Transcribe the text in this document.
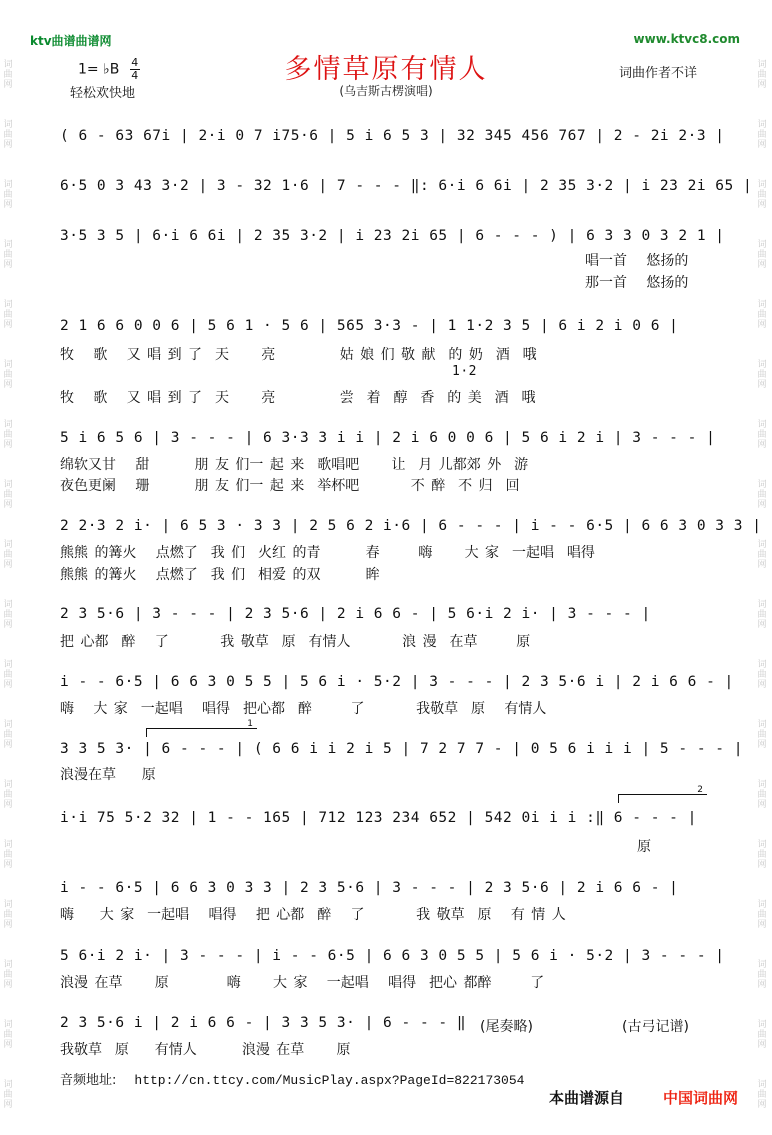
词曲网
词曲网
词曲网
词曲网
词曲网
词曲网
词曲网
词曲网
词曲网
词曲网
词曲网
词曲网
词曲网
词曲网
词曲网
词曲网
词曲网
词曲网
词曲网
词曲网
词曲网
词曲网
词曲网
词曲网
词曲网
词曲网
词曲网
词曲网
词曲网
词曲网
词曲网
词曲网
词曲网
词曲网
词曲网
词曲网
ktv曲谱曲谱网	www.ktvc8.com
多情草原有情人
(乌吉斯古楞演唱)
1= ♭B $\frac{4}{4}$
轻松欢快地
词曲作者不详
( 6 - 63 67i | 2·i 0 7 i75·6 | 5 i 6 5 3 | 32 345 456 767 | 2 - 2i 2·3 |
6·5 0 3 43 3·2 | 3 - 32 1·6 | 7 - - - ‖: 6·i 6 6i | 2 35 3·2 | i 23 2i 65 |
3·5 3 5 | 6·i 6 6i | 2 35 3·2 | i 23 2i 65 | 6 - - - ) | 6 3 3 0 3 2 1 |
唱一首   悠扬的
那一首   悠扬的
2 1 6 6 0 0 6 | 5 6 1 · 5 6 | 565 3·3 - | 1 1·2 3 5 | 6 i 2 i 0 6 |
牧   歌   又 唱 到 了  天     亮          姑 娘 们 敬 献  的 奶  酒  哦
1·2
牧   歌   又 唱 到 了  天     亮          尝  着  醇  香  的 美  酒  哦
5 i 6 5 6 | 3 - - - | 6 3·3 3 i i | 2 i 6 0 0 6 | 5 6 i 2 i | 3 - - - |
绵软又甘   甜       朋 友 们一 起 来  歌唱吧     让  月 儿都郊 外  游
夜色更阑   珊       朋 友 们一 起 来  举杯吧        不 醉  不 归  回
2 2·3 2 i· | 6 5 3 · 3 3 | 2 5 6 2 i·6 | 6 - - - | i - - 6·5 | 6 6 3 0 3 3 |
熊熊 的篝火   点燃了  我 们  火红 的青       春      嗨     大 家  一起唱  唱得
熊熊 的篝火   点燃了  我 们  相爱 的双       眸
2 3 5·6 | 3 - - - | 2 3 5·6 | 2 i 6 6 - | 5 6·i 2 i· | 3 - - - |
把 心都  醉   了        我 敬草  原  有情人        浪 漫  在草      原
i - - 6·5 | 6 6 3 0 5 5 | 5 6 i · 5·2 | 3 - - - | 2 3 5·6 i | 2 i 6 6 - |
嗨   大 家  一起唱   唱得  把心都  醉      了        我敬草  原   有情人
1
3 3 5 3· | 6 - - - | ( 6 6 i i 2 i 5 | 7 2 7 7 - | 0 5 6 i i i | 5 - - - |
浪漫在草    原
2
i·i 75 5·2 32 | 1 - - 165 | 712 123 234 652 | 542 0i i i :‖ 6 - - - |
原
i - - 6·5 | 6 6 3 0 3 3 | 2 3 5·6 | 3 - - - | 2 3 5·6 | 2 i 6 6 - |
嗨    大 家  一起唱   唱得   把 心都  醉   了        我 敬草  原   有 情 人
5 6·i 2 i· | 3 - - - | i - - 6·5 | 6 6 3 0 5 5 | 5 6 i · 5·2 | 3 - - - |
浪漫 在草     原         嗨     大 家   一起唱   唱得  把心 都醉      了
2 3 5·6 i | 2 i 6 6 - | 3 3 5 3· | 6 - - - ‖ (尾奏略)	(古弓记谱)
我敬草  原    有情人       浪漫 在草     原
音频地址: http://cn.ttcy.com/MusicPlay.aspx?PageId=822173054
本曲谱源自	中国词曲网
